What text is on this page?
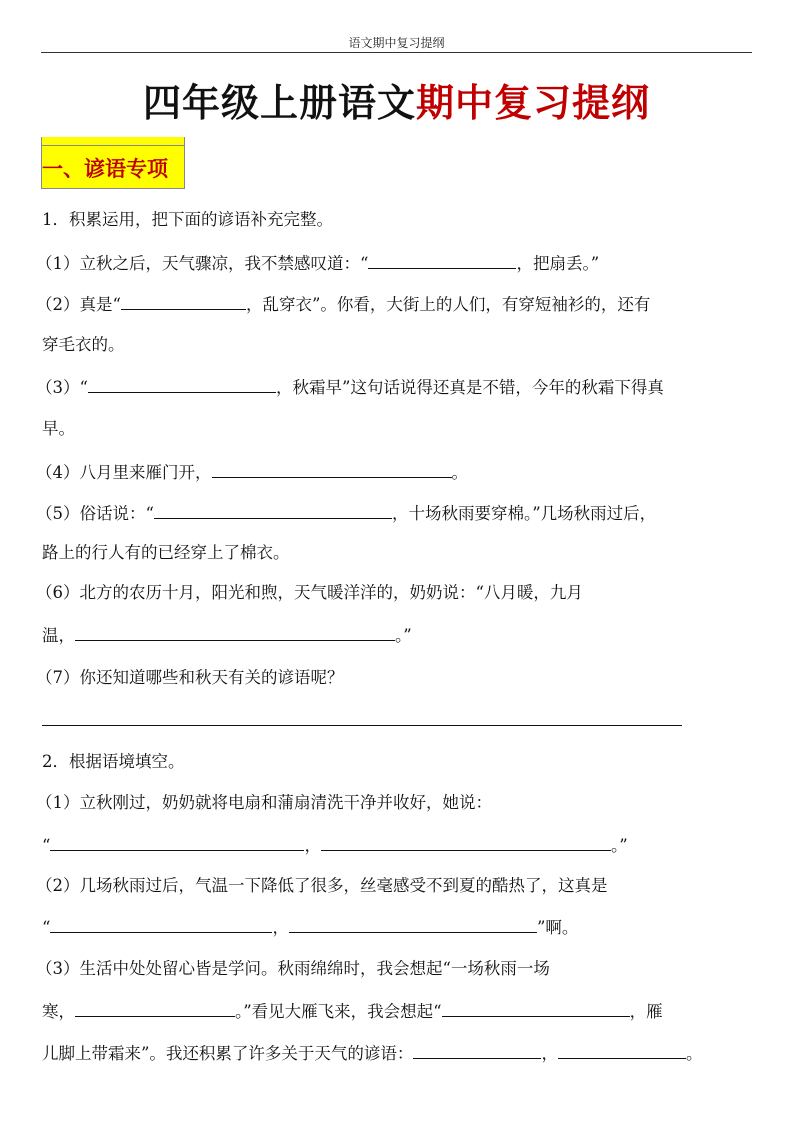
语文期中复习提纲
四年级上册语文期中复习提纲
一、谚语专项
1．积累运用，把下面的谚语补充完整。
（1）立秋之后，天气骤凉，我不禁感叹道：“	，把扇丢。”
（2）真是“	，乱穿衣”。你看，大街上的人们，有穿短袖衫的，还有
穿毛衣的。
（3）“	，秋霜早”这句话说得还真是不错，今年的秋霜下得真
早。
（4）八月里来雁门开，	。
（5）俗话说：“	，十场秋雨要穿棉。”几场秋雨过后，
路上的行人有的已经穿上了棉衣。
（6）北方的农历十月，阳光和煦，天气暖洋洋的，奶奶说：“八月暖，九月
温，	。”
（7）你还知道哪些和秋天有关的谚语呢？
2．根据语境填空。
（1）立秋刚过，奶奶就将电扇和蒲扇清洗干净并收好，她说：
“	，	。”
（2）几场秋雨过后，气温一下降低了很多，丝毫感受不到夏的酷热了，这真是
“	，	”啊。
（3）生活中处处留心皆是学问。秋雨绵绵时，我会想起“一场秋雨一场
寒，	。”看见大雁飞来，我会想起“	，雁
儿脚上带霜来”。我还积累了许多关于天气的谚语：	，	。
